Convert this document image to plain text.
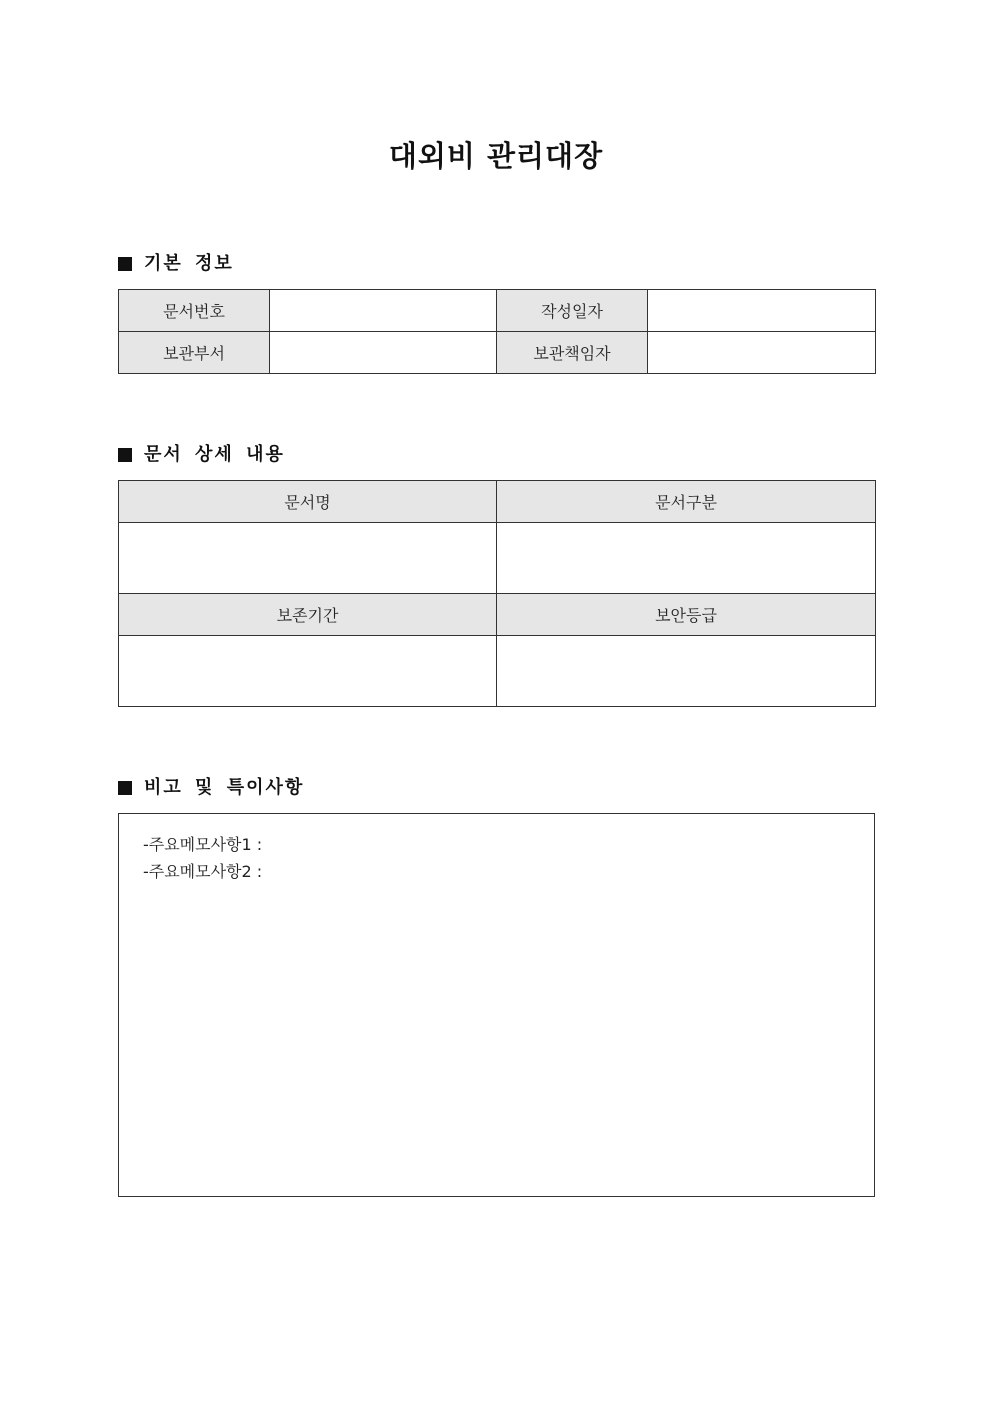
대외비 관리대장
기본 정보
문서번호		작성일자	
보관부서		보관책임자	
문서 상세 내용
문서명	문서구분

보존기간	보안등급

비고 및 특이사항
-주요메모사항1 :
-주요메모사항2 :
